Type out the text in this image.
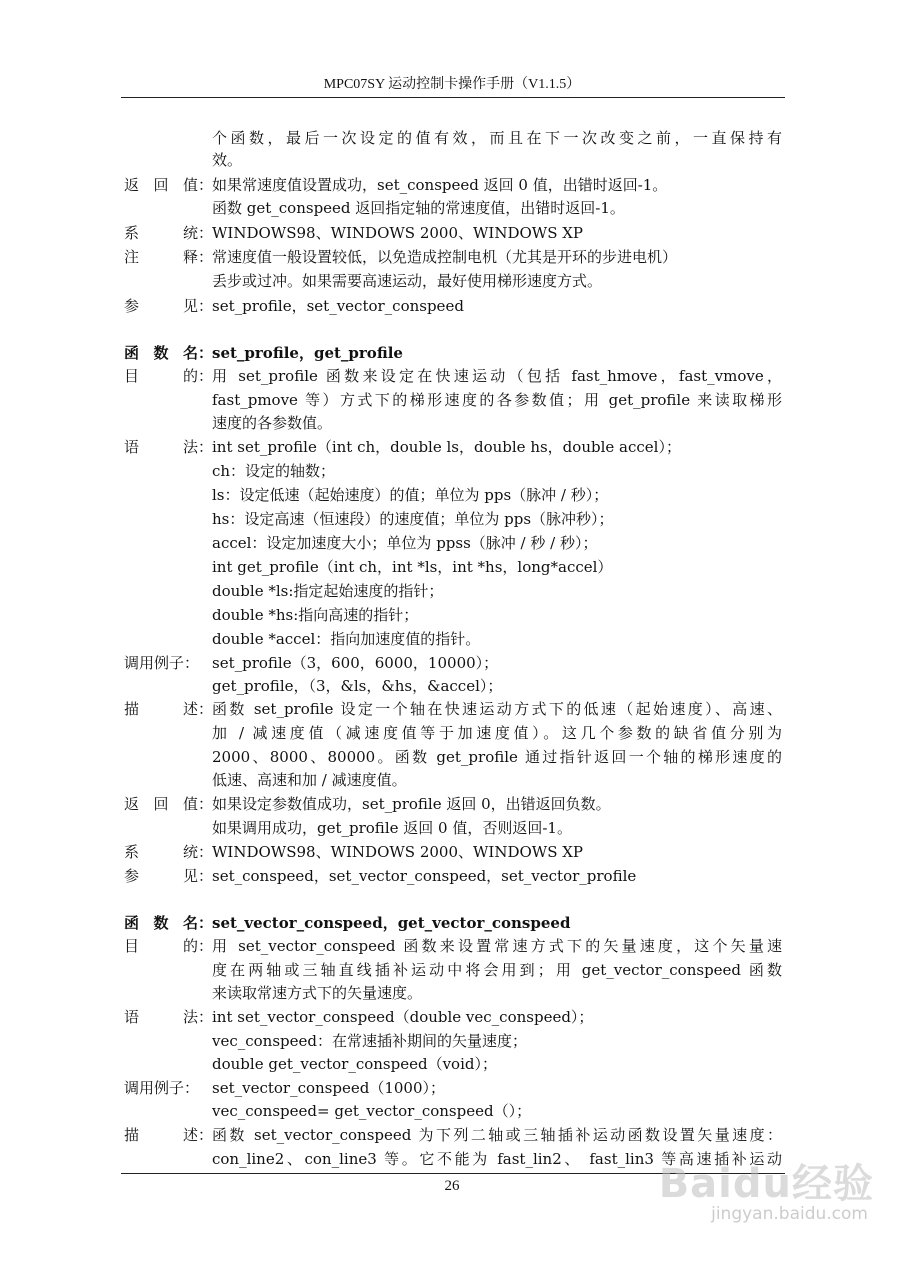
MPC07SY 运动控制卡操作手册（V1.1.5）
个函数，最后一次设定的值有效，而且在下一次改变之前，一直保持有
效。
返回值：
如果常速度值设置成功，set_conspeed 返回 0 值，出错时返回-1。
函数 get_conspeed 返回指定轴的常速度值，出错时返回-1。
系统：
WINDOWS98、WINDOWS 2000、WINDOWS XP
注释：
常速度值一般设置较低，以免造成控制电机（尤其是开环的步进电机）
丢步或过冲。如果需要高速运动，最好使用梯形速度方式。
参见：
set_profile，set_vector_conspeed
函数名：
set_profile，get_profile
目的：
用 set_profile 函数来设定在快速运动（包括 fast_hmove，fast_vmove，
fast_pmove 等）方式下的梯形速度的各参数值；用 get_profile 来读取梯形
速度的各参数值。
语法：
int set_profile（int ch，double ls，double hs，double accel）；
ch：设定的轴数；
ls：设定低速（起始速度）的值；单位为 pps（脉冲 / 秒）；
hs：设定高速（恒速段）的速度值；单位为 pps（脉冲秒）；
accel：设定加速度大小；单位为 ppss（脉冲 / 秒 / 秒）；
int get_profile（int ch，int *ls，int *hs，long*accel）
double *ls:指定起始速度的指针；
double *hs:指向高速的指针；
double *accel：指向加速度值的指针。
调用例子： set_profile（3，600，6000，10000）；
get_profile，（3，&ls，&hs，&accel）；
描述：
函数 set_profile 设定一个轴在快速运动方式下的低速（起始速度）、高速、
加 / 减速度值（减速度值等于加速度值）。这几个参数的缺省值分别为
2000、8000、80000。函数 get_profile 通过指针返回一个轴的梯形速度的
低速、高速和加 / 减速度值。
返回值：
如果设定参数值成功，set_profile 返回 0，出错返回负数。
如果调用成功，get_profile 返回 0 值，否则返回-1。
系统：
WINDOWS98、WINDOWS 2000、WINDOWS XP
参见：
set_conspeed，set_vector_conspeed，set_vector_profile
函数名：
set_vector_conspeed，get_vector_conspeed
目的：
用 set_vector_conspeed 函数来设置常速方式下的矢量速度，这个矢量速
度在两轴或三轴直线插补运动中将会用到；用 get_vector_conspeed 函数
来读取常速方式下的矢量速度。
语法：
int set_vector_conspeed（double vec_conspeed）；
vec_conspeed：在常速插补期间的矢量速度；
double get_vector_conspeed（void）；
调用例子： set_vector_conspeed（1000）；
vec_conspeed= get_vector_conspeed（）；
描述：
函数 set_vector_conspeed 为下列二轴或三轴插补运动函数设置矢量速度：
con_line2、con_line3 等。它不能为 fast_lin2、 fast_lin3 等高速插补运动
26	Baidu经验
jingyan.baidu.com
